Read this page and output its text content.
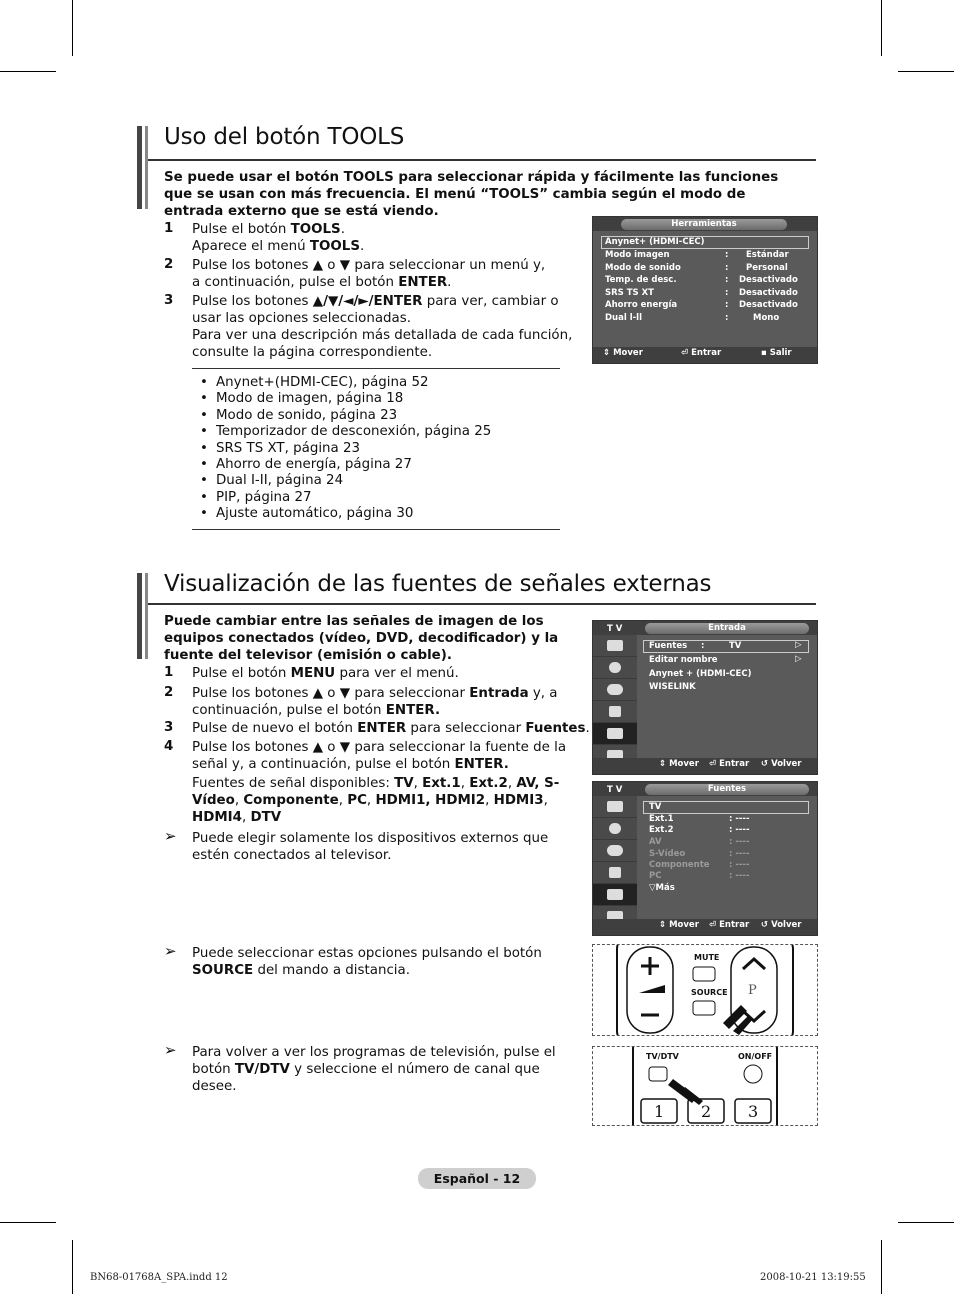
Uso del botón TOOLS
Se puede usar el botón TOOLS para seleccionar rápida y fácilmente las funciones que se usan con más frecuencia. El menú “TOOLS” cambia según el modo de entrada externo que se está viendo.
1 Pulse el botón TOOLS.
Aparece el menú TOOLS.
2 Pulse los botones ▲ o ▼ para seleccionar un menú y, a continuación, pulse el botón ENTER.
3 Pulse los botones ▲/▼/◄/►/ENTER para ver, cambiar o usar las opciones seleccionadas.
Para ver una descripción más detallada de cada función, consulte la página correspondiente.
• Anynet+(HDMI-CEC), página 52
• Modo de imagen, página 18
• Modo de sonido, página 23
• Temporizador de desconexión, página 25
• SRS TS XT, página 23
• Ahorro de energía, página 27
• Dual I-II, página 24
• PIP, página 27
• Ajuste automático, página 30
Herramientas
Anynet+ (HDMI-CEC)
Modo imagen	: Estándar
Modo de sonido	: Personal
Temp. de desc.	: Desactivado
SRS TS XT	: Desactivado
Ahorro energía	: Desactivado
Dual l-ll	:	Mono
⇕ Mover	⏎ Entrar	▪ Salir
Visualización de las fuentes de señales externas
Puede cambiar entre las señales de imagen de los equipos conectados (vídeo, DVD, decodificador) y la fuente del televisor (emisión o cable).
1 Pulse el botón MENU para ver el menú.
2 Pulse los botones ▲ o ▼ para seleccionar Entrada y, a continuación, pulse el botón ENTER.
3 Pulse de nuevo el botón ENTER para seleccionar Fuentes.
4 Pulse los botones ▲ o ▼ para seleccionar la fuente de la señal y, a continuación, pulse el botón ENTER.
Fuentes de señal disponibles: TV, Ext.1, Ext.2, AV, S-Vídeo, Componente, PC, HDMI1, HDMI2, HDMI3, HDMI4, DTV
➢ Puede elegir solamente los dispositivos externos que estén conectados al televisor.
➢ Puede seleccionar estas opciones pulsando el botón SOURCE del mando a distancia.
➢ Para volver a ver los programas de televisión, pulse el botón TV/DTV y seleccione el número de canal que desee.
T V	Entrada
Fuentes :	TV	▷
Editar nombre	▷
Anynet + (HDMI-CEC)
WISELINK
⇕ Mover ⏎ Entrar ↺ Volver
T V	Fuentes
TV
Ext.1	: ----
Ext.2	: ----
AV	: ----
S-Vídeo	: ----
Componente : ----
PC	: ----
▽Más
⇕ Mover ⏎ Entrar ↺ Volver
MUTE
SOURCE P
TV/DTV	ON/OFF
1 2 3
Español - 12
BN68-01768A_SPA.indd 12	2008-10-21 13:19:55
